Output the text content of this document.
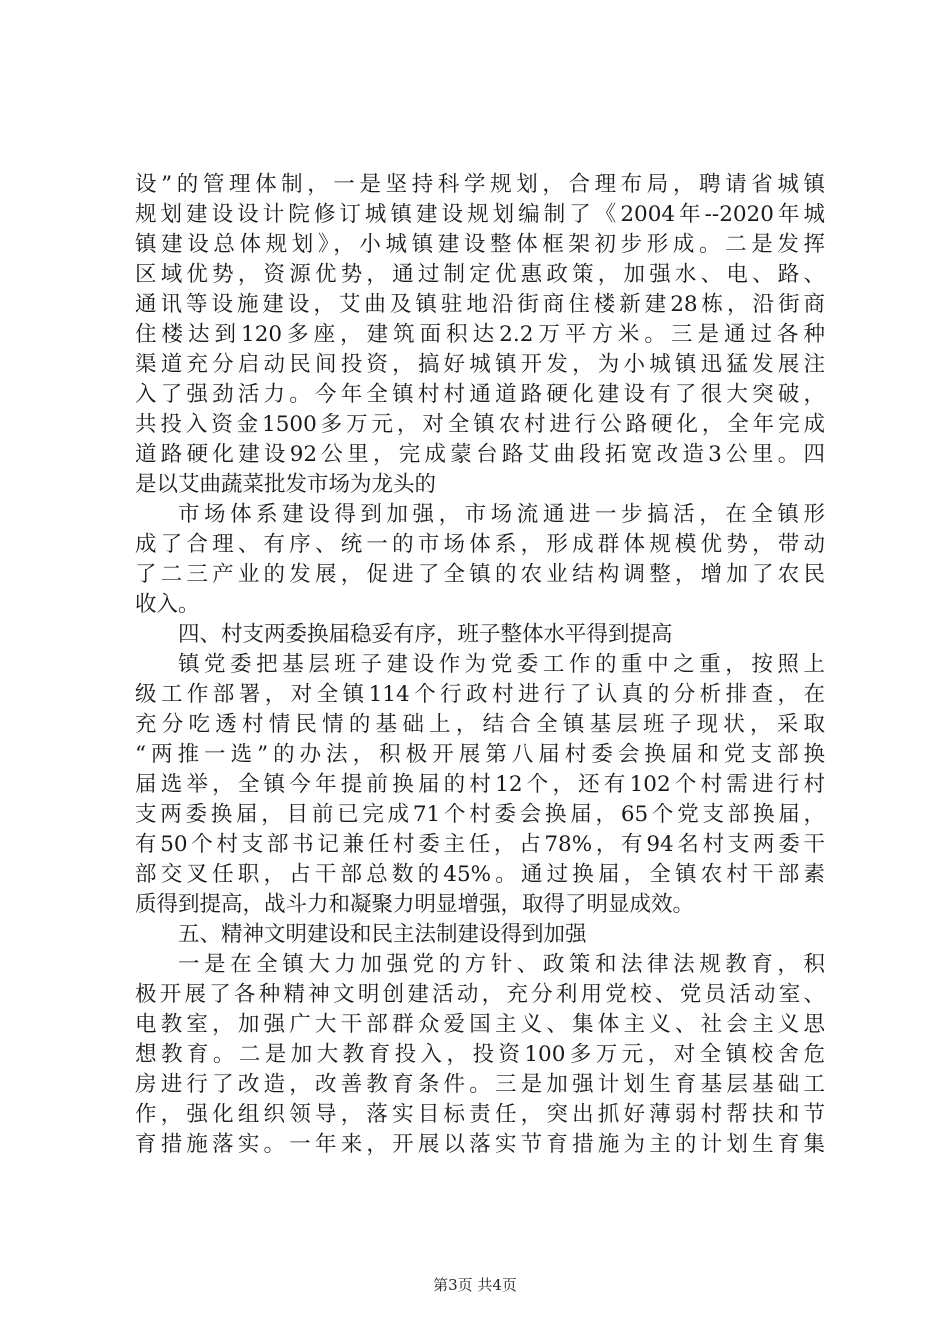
设”的管理体制，一是坚持科学规划，合理布局，聘请省城镇
规划建设设计院修订城镇建设规划编制了《2004年--2020年城
镇建设总体规划》，小城镇建设整体框架初步形成。二是发挥
区域优势，资源优势，通过制定优惠政策，加强水、电、路、
通讯等设施建设，艾曲及镇驻地沿街商住楼新建28栋，沿街商
住楼达到120多座，建筑面积达2.2万平方米。三是通过各种
渠道充分启动民间投资，搞好城镇开发，为小城镇迅猛发展注
入了强劲活力。今年全镇村村通道路硬化建设有了很大突破，
共投入资金1500多万元，对全镇农村进行公路硬化，全年完成
道路硬化建设92公里，完成蒙台路艾曲段拓宽改造3公里。四
是以艾曲蔬菜批发市场为龙头的
市场体系建设得到加强，市场流通进一步搞活，在全镇形
成了合理、有序、统一的市场体系，形成群体规模优势，带动
了二三产业的发展，促进了全镇的农业结构调整，增加了农民
收入。
四、村支两委换届稳妥有序，班子整体水平得到提高
镇党委把基层班子建设作为党委工作的重中之重，按照上
级工作部署，对全镇114个行政村进行了认真的分析排查，在
充分吃透村情民情的基础上，结合全镇基层班子现状，采取
“两推一选”的办法，积极开展第八届村委会换届和党支部换
届选举，全镇今年提前换届的村12个，还有102个村需进行村
支两委换届，目前已完成71个村委会换届，65个党支部换届，
有50个村支部书记兼任村委主任，占78%，有94名村支两委干
部交叉任职，占干部总数的45%。通过换届，全镇农村干部素
质得到提高，战斗力和凝聚力明显增强，取得了明显成效。
五、精神文明建设和民主法制建设得到加强
一是在全镇大力加强党的方针、政策和法律法规教育，积
极开展了各种精神文明创建活动，充分利用党校、党员活动室、
电教室，加强广大干部群众爱国主义、集体主义、社会主义思
想教育。二是加大教育投入，投资100多万元，对全镇校舍危
房进行了改造，改善教育条件。三是加强计划生育基层基础工
作，强化组织领导，落实目标责任，突出抓好薄弱村帮扶和节
育措施落实。一年来，开展以落实节育措施为主的计划生育集
第3页 共4页
